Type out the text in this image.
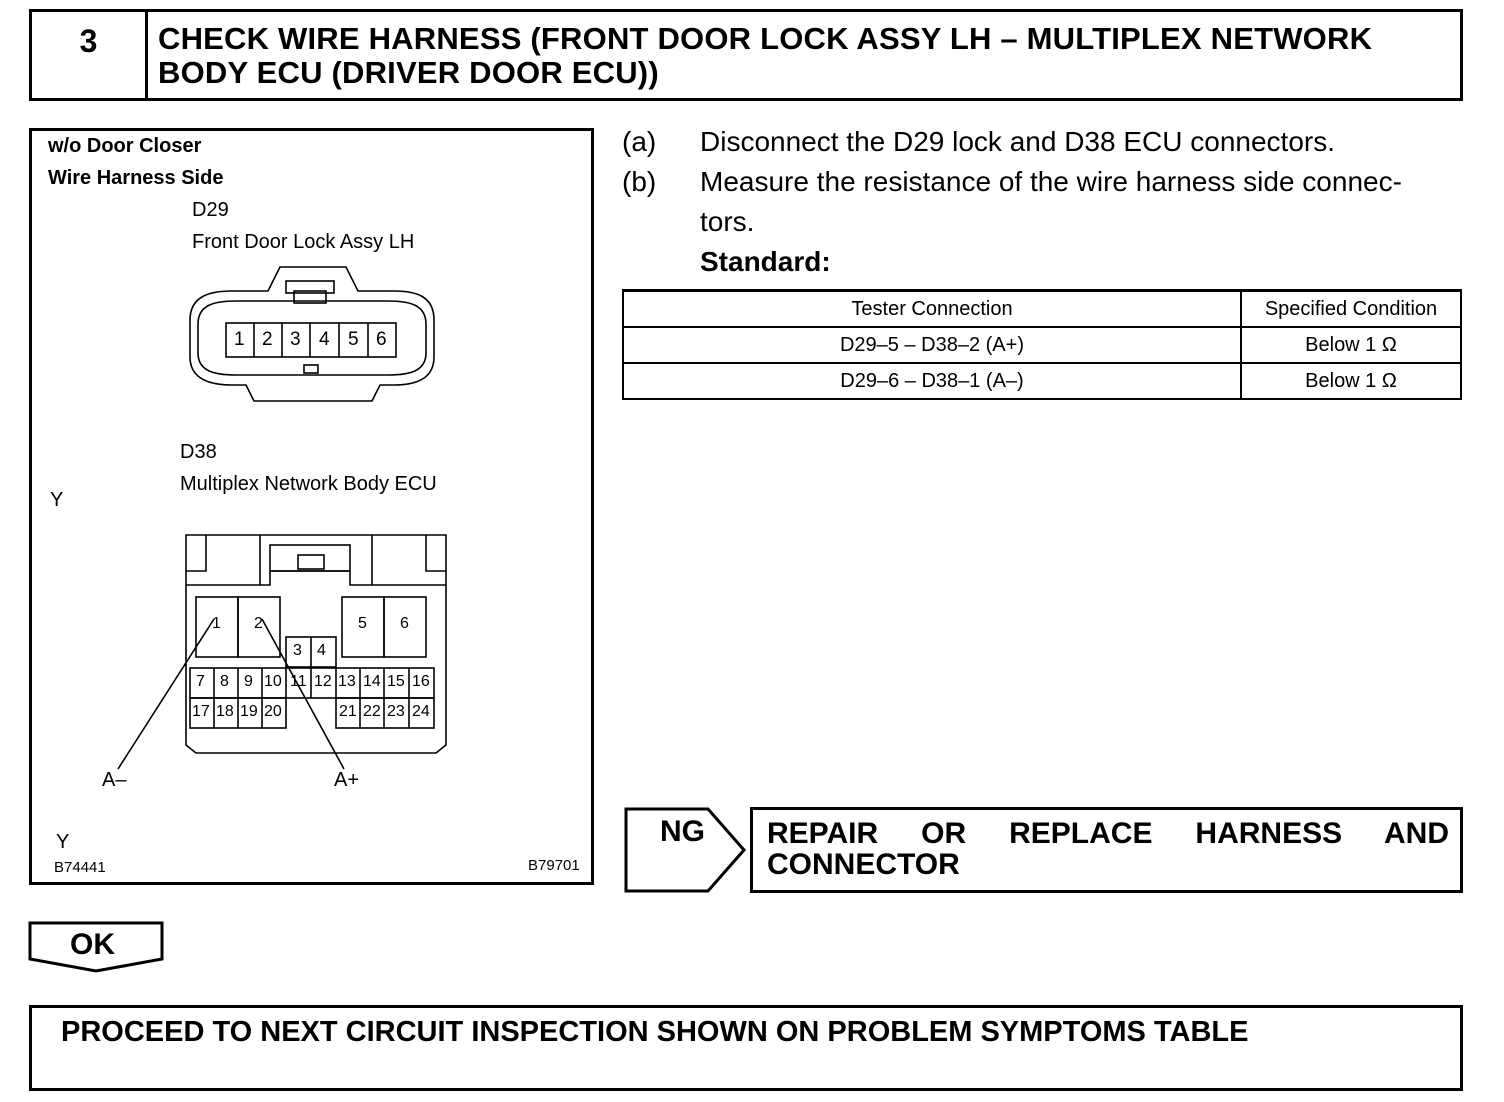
3	CHECK WIRE HARNESS (FRONT DOOR LOCK ASSY LH – MULTIPLEX NETWORK BODY ECU (DRIVER DOOR ECU))
w/o Door Closer
Wire Harness Side
D29
Front Door Lock Assy LH
1 2 3 4 5 6
D38
Multiplex Network Body ECU
Y
1 2	5 6
3 4
7 8 9 10 11 12 13 14 15 16
17 18 19 20	21 22 23 24
A–	A+
Y
B74441	B79701
(a) Disconnect the D29 lock and D38 ECU connectors.
(b) Measure the resistance of the wire harness side connec-
tors.
Standard:
Tester Connection	Specified Condition
D29–5 – D38–2 (A+)	Below 1 Ω
D29–6 – D38–1 (A–)	Below 1 Ω
NG REPAIR OR REPLACE HARNESS AND CONNECTOR
OK
PROCEED TO NEXT CIRCUIT INSPECTION SHOWN ON PROBLEM SYMPTOMS TABLE
